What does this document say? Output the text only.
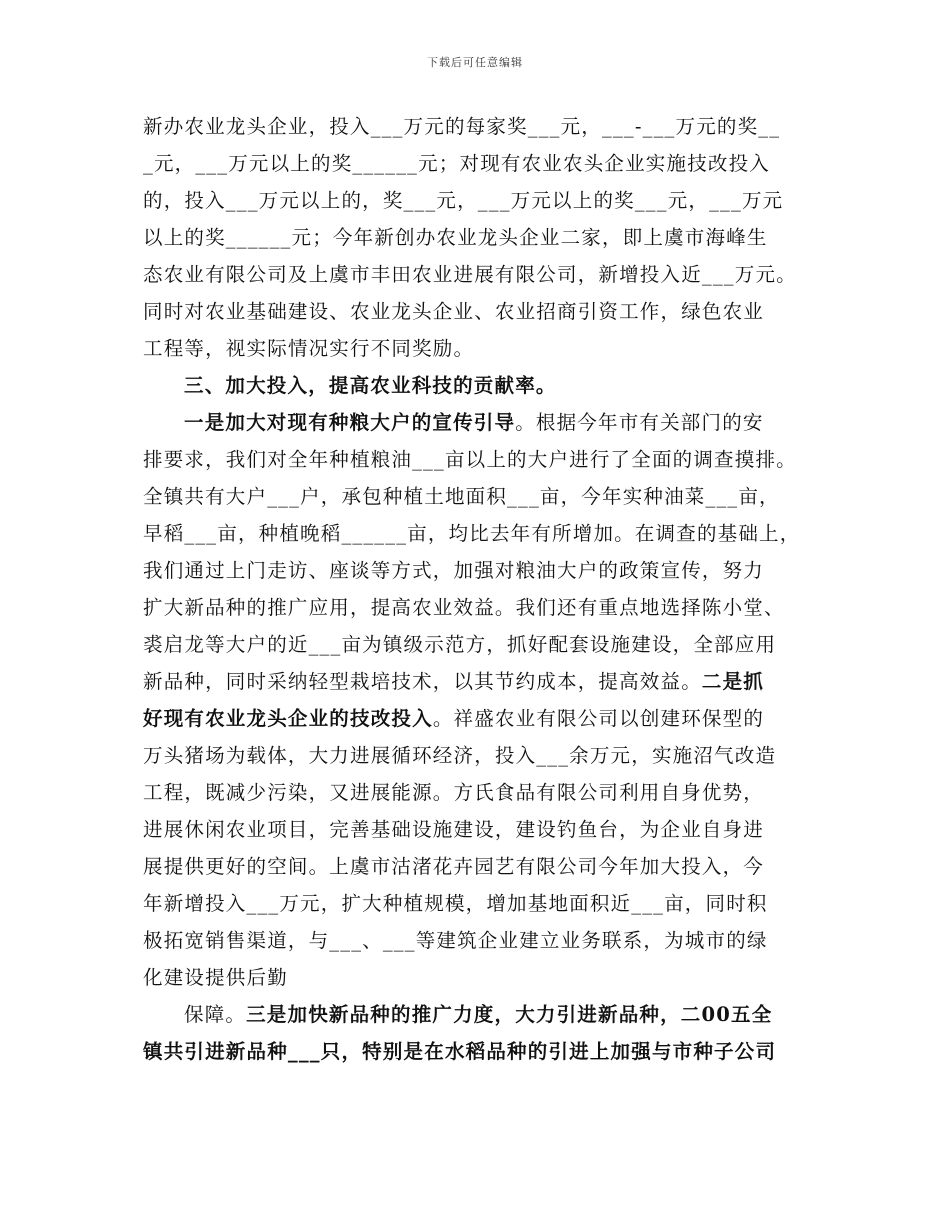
下载后可任意编辑
新办农业龙头企业，投入___万元的每家奖___元，___-___万元的奖__
_元，___万元以上的奖______元；对现有农业农头企业实施技改投入
的，投入___万元以上的，奖___元，___万元以上的奖___元，___万元
以上的奖______元；今年新创办农业龙头企业二家，即上虞市海峰生
态农业有限公司及上虞市丰田农业进展有限公司，新增投入近___万元。
同时对农业基础建设、农业龙头企业、农业招商引资工作，绿色农业
工程等，视实际情况实行不同奖励。
三、加大投入，提高农业科技的贡献率。
一是加大对现有种粮大户的宣传引导。根据今年市有关部门的安
排要求，我们对全年种植粮油___亩以上的大户进行了全面的调查摸排。
全镇共有大户___户，承包种植土地面积___亩，今年实种油菜___亩，
早稻___亩，种植晚稻______亩，均比去年有所增加。在调查的基础上，
我们通过上门走访、座谈等方式，加强对粮油大户的政策宣传，努力
扩大新品种的推广应用，提高农业效益。我们还有重点地选择陈小堂、
裘启龙等大户的近___亩为镇级示范方，抓好配套设施建设，全部应用
新品种，同时采纳轻型栽培技术，以其节约成本，提高效益。二是抓
好现有农业龙头企业的技改投入。祥盛农业有限公司以创建环保型的
万头猪场为载体，大力进展循环经济，投入___余万元，实施沼气改造
工程，既减少污染，又进展能源。方氏食品有限公司利用自身优势，
进展休闲农业项目，完善基础设施建设，建设钓鱼台，为企业自身进
展提供更好的空间。上虞市沽渚花卉园艺有限公司今年加大投入，今
年新增投入___万元，扩大种植规模，增加基地面积近___亩，同时积
极拓宽销售渠道，与___、___等建筑企业建立业务联系，为城市的绿
化建设提供后勤
保障。三是加快新品种的推广力度，大力引进新品种，二00五全
镇共引进新品种___只，特别是在水稻品种的引进上加强与市种子公司
